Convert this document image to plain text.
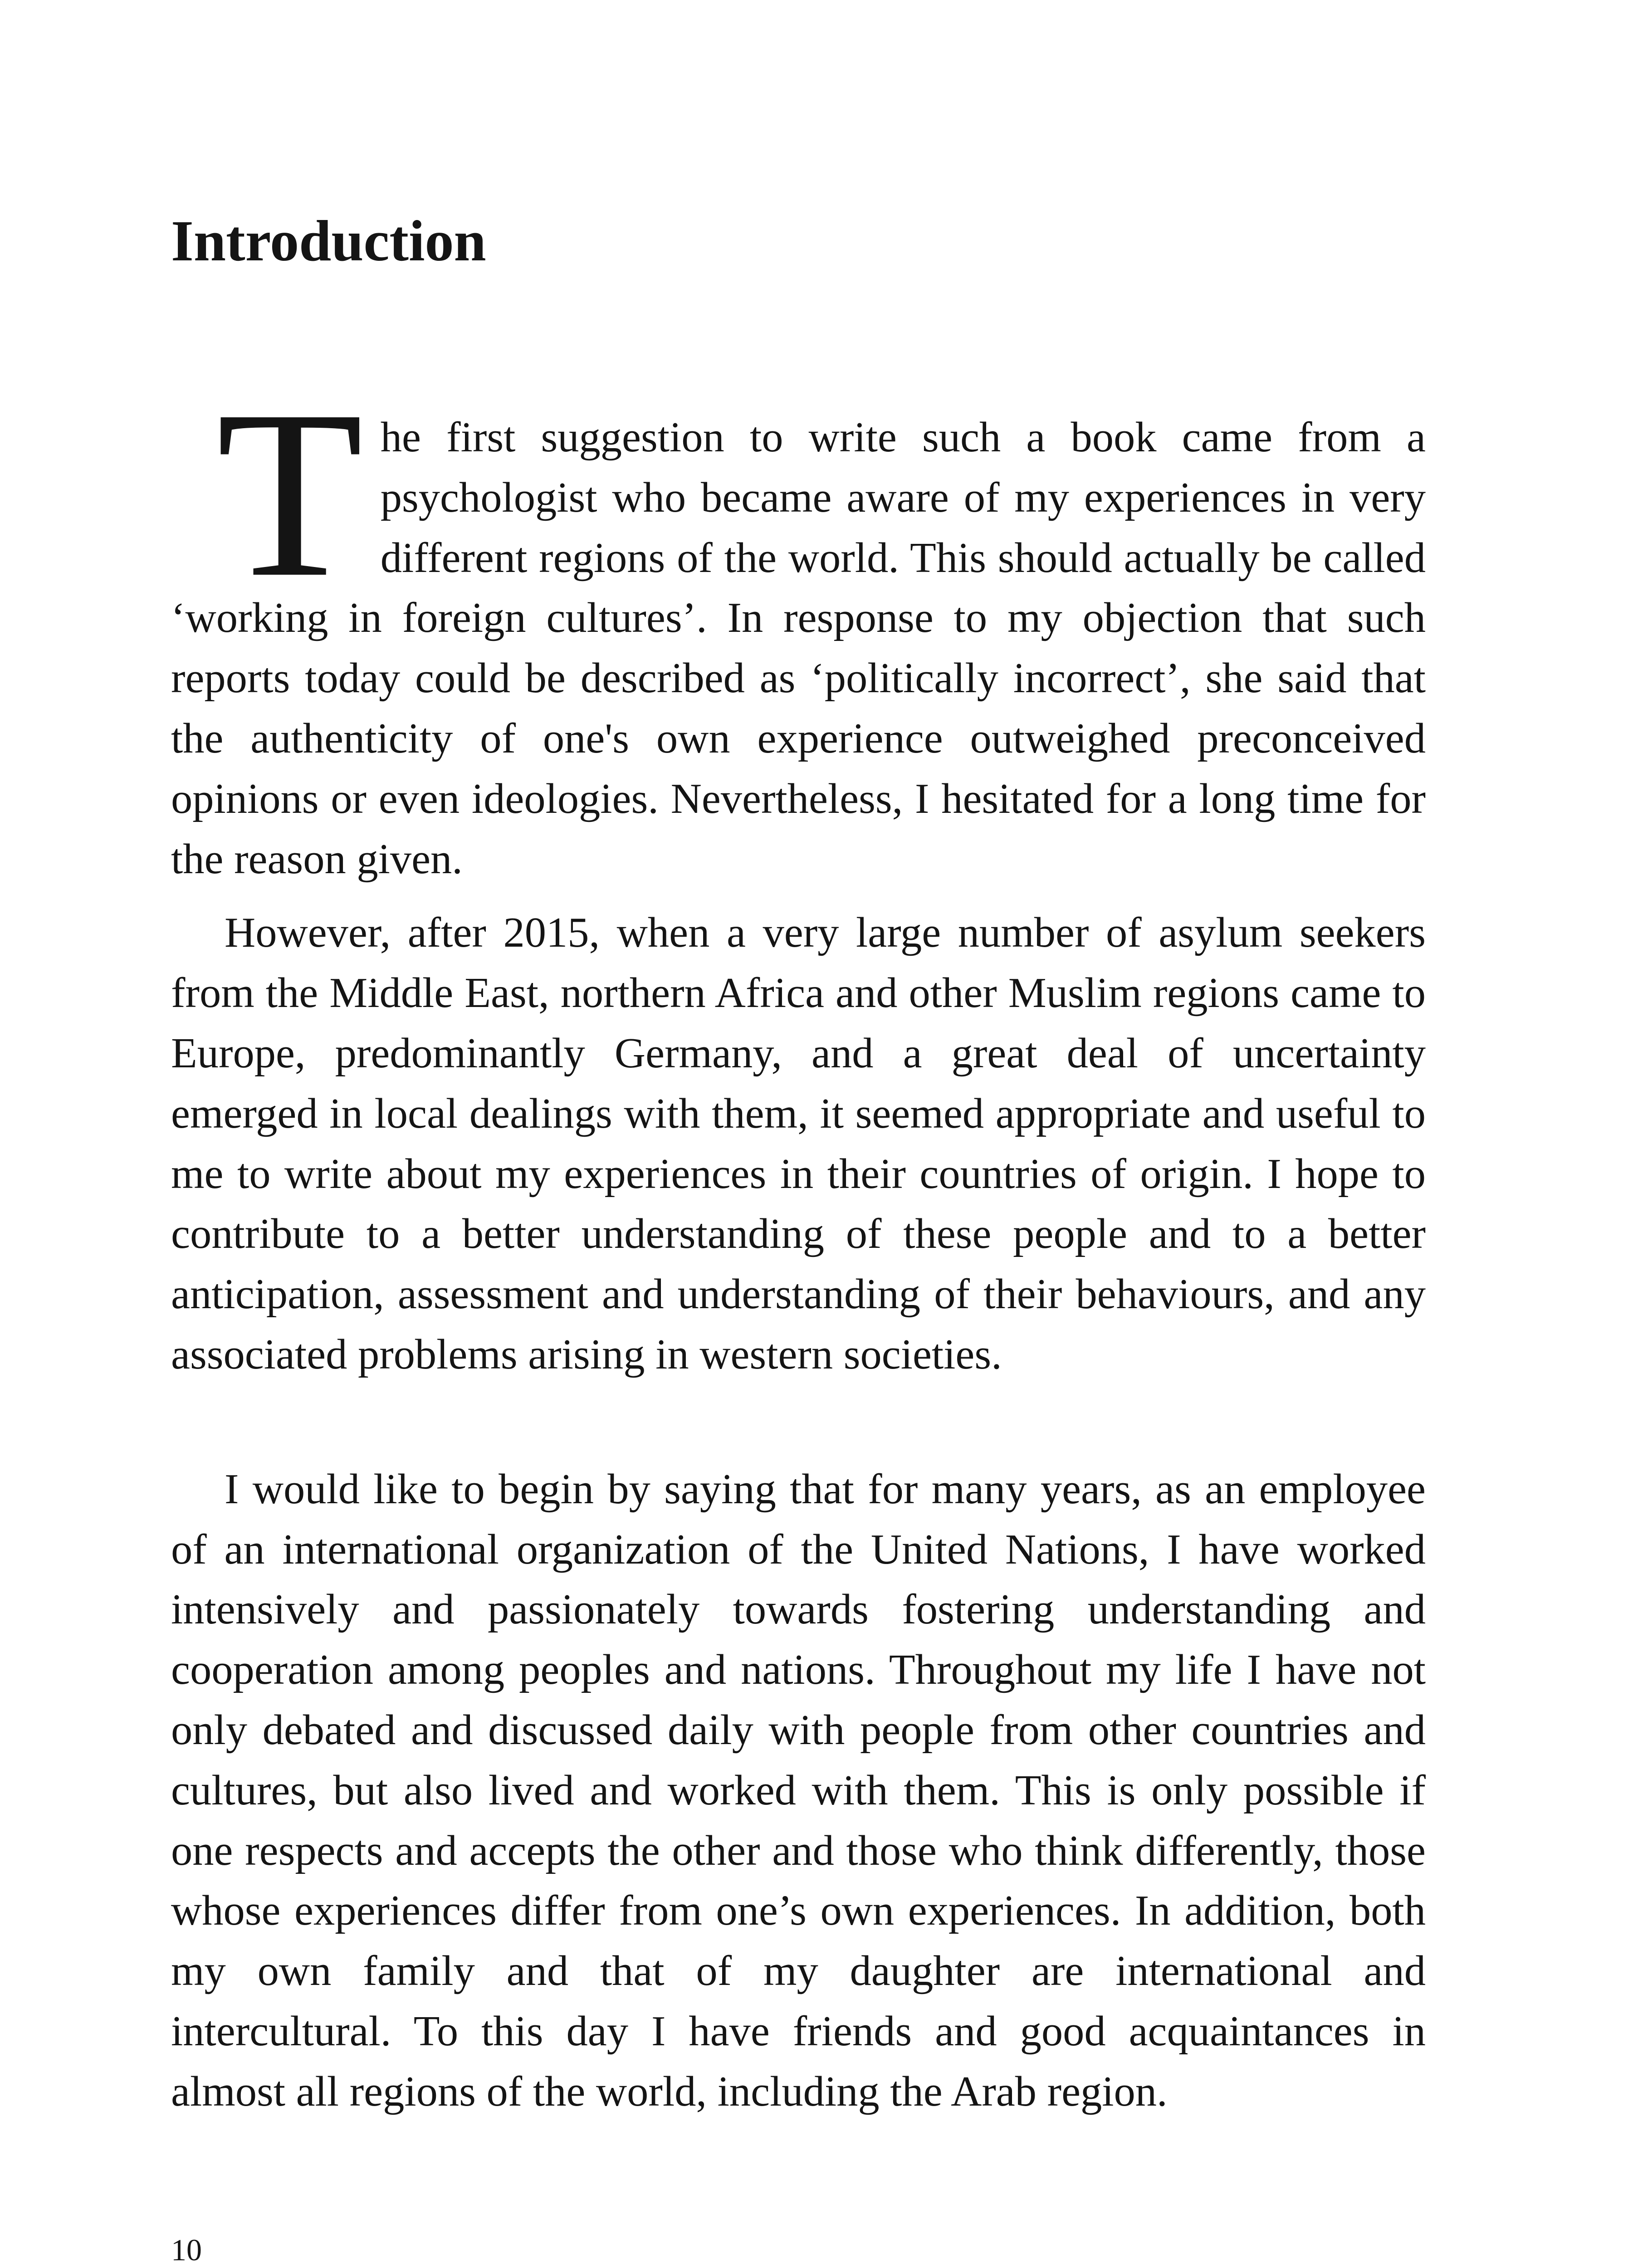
Introduction

The first suggestion to write such a book came from a psychologist who became aware of my experiences in very different regions of the world. This should actually be called ‘working in foreign cultures’. In response to my objection that such reports today could be described as ‘politically incorrect’, she said that the authenticity of one's own experience outweighed preconceived opinions or even ideologies. Nevertheless, I hesitated for a long time for the reason given.

However, after 2015, when a very large number of asylum seekers from the Middle East, northern Africa and other Muslim regions came to Europe, predominantly Germany, and a great deal of uncertainty emerged in local dealings with them, it seemed appropriate and useful to me to write about my experiences in their countries of origin. I hope to contribute to a better understanding of these people and to a better anticipation, assessment and understanding of their behaviours, and any associated problems arising in western societies.

I would like to begin by saying that for many years, as an employee of an international organization of the United Nations, I have worked intensively and passionately towards fostering understanding and cooperation among peoples and nations. Throughout my life I have not only debated and discussed daily with people from other countries and cultures, but also lived and worked with them. This is only possible if one respects and accepts the other and those who think differently, those whose experiences differ from one’s own experiences. In addition, both my own family and that of my daughter are international and intercultural. To this day I have friends and good acquaintances in almost all regions of the world, including the Arab region.

10
